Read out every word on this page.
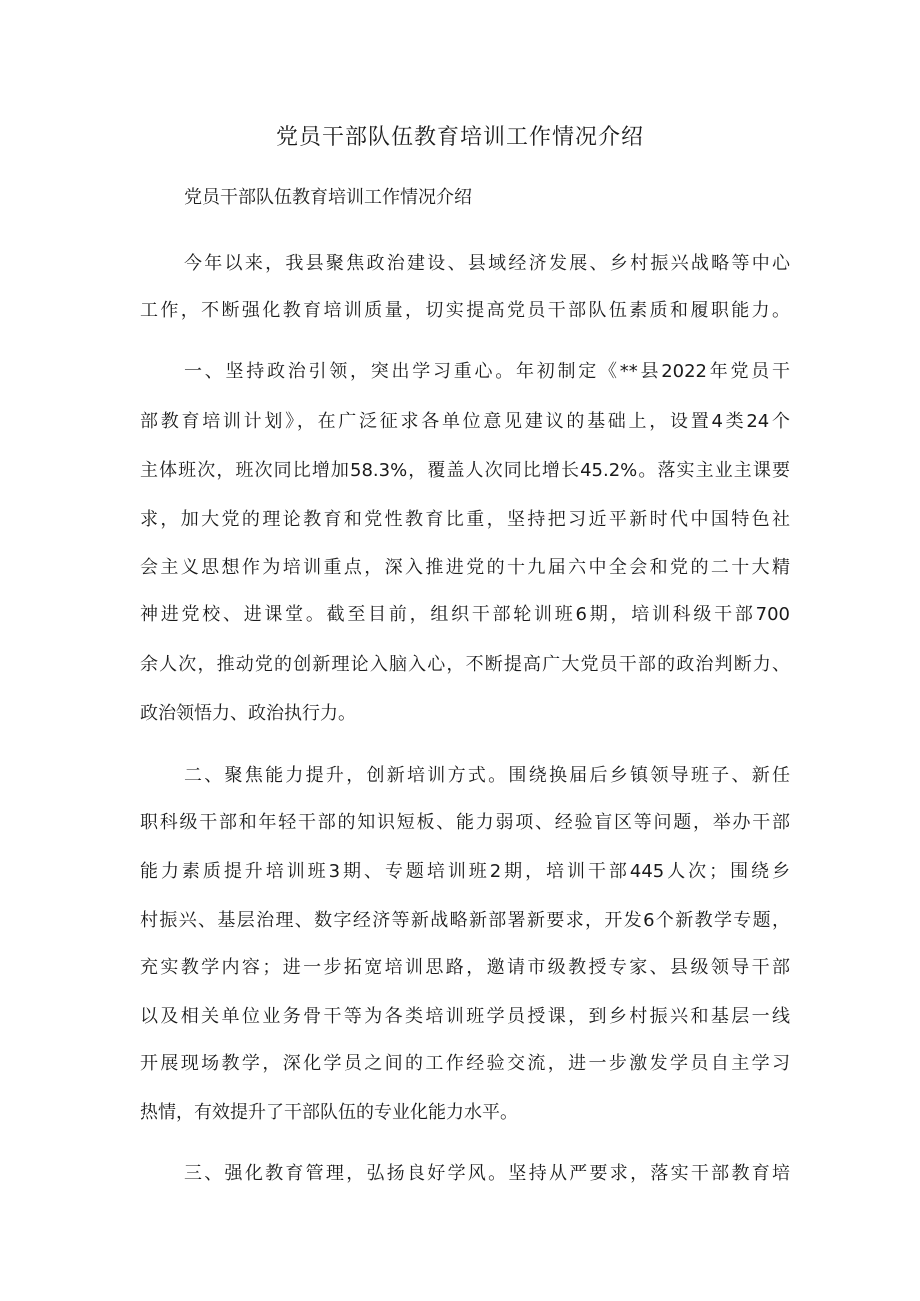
党员干部队伍教育培训工作情况介绍

党员干部队伍教育培训工作情况介绍

今年以来，我县聚焦政治建设、县域经济发展、乡村振兴战略等中心

工作，不断强化教育培训质量，切实提高党员干部队伍素质和履职能力。

一、坚持政治引领，突出学习重心。年初制定《**县2022年党员干

部教育培训计划》，在广泛征求各单位意见建议的基础上，设置4类24个

主体班次，班次同比增加58.3%，覆盖人次同比增长45.2%。落实主业主课要

求，加大党的理论教育和党性教育比重，坚持把习近平新时代中国特色社

会主义思想作为培训重点，深入推进党的十九届六中全会和党的二十大精

神进党校、进课堂。截至目前，组织干部轮训班6期，培训科级干部700

余人次，推动党的创新理论入脑入心，不断提高广大党员干部的政治判断力、

政治领悟力、政治执行力。

二、聚焦能力提升，创新培训方式。围绕换届后乡镇领导班子、新任

职科级干部和年轻干部的知识短板、能力弱项、经验盲区等问题，举办干部

能力素质提升培训班3期、专题培训班2期，培训干部445人次；围绕乡

村振兴、基层治理、数字经济等新战略新部署新要求，开发6个新教学专题，

充实教学内容；进一步拓宽培训思路，邀请市级教授专家、县级领导干部

以及相关单位业务骨干等为各类培训班学员授课，到乡村振兴和基层一线

开展现场教学，深化学员之间的工作经验交流，进一步激发学员自主学习

热情，有效提升了干部队伍的专业化能力水平。

三、强化教育管理，弘扬良好学风。坚持从严要求，落实干部教育培
